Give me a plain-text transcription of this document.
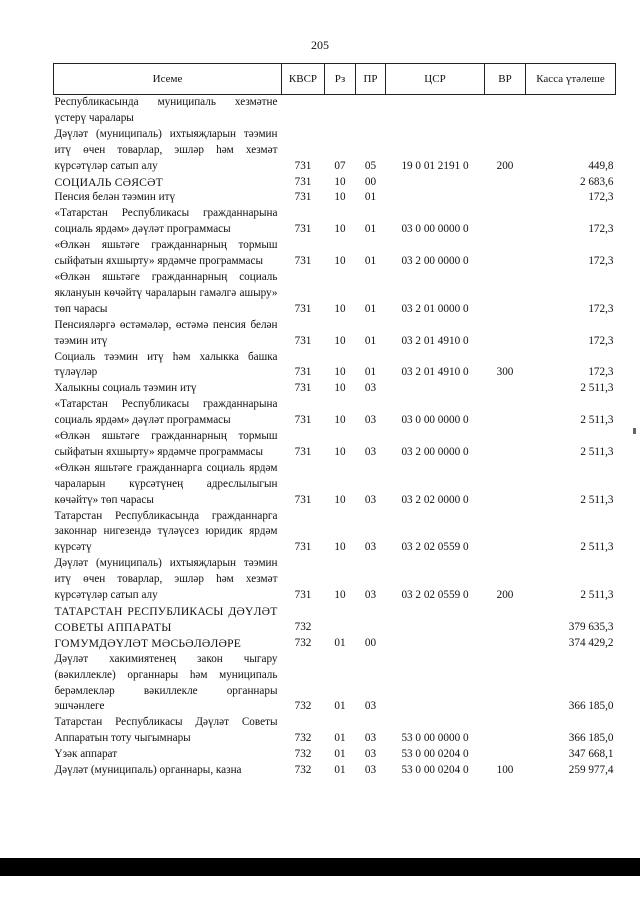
205
Исеме	КВСР	Рз	ПР	ЦСР	ВР	Касса үтәлеше
Республикасында муниципаль хезмәтне үстерү чаралары						
Дәүләт (муниципаль) ихтыяҗларын тәэмин итү өчен товарлар, эшләр һәм хезмәт күрсәтүләр сатып алу	731	07	05	19 0 01 2191 0	200	449,8
СОЦИАЛЬ СӘЯСӘТ	731	10	00			2 683,6
Пенсия белән тәэмин итү	731	10	01			172,3
«Татарстан Республикасы гражданнарына социаль ярдәм» дәүләт программасы	731	10	01	03 0 00 0000 0		172,3
«Өлкән яшьтәге гражданнарның тормыш сыйфатын яхшырту» ярдәмче программасы	731	10	01	03 2 00 0000 0		172,3
«Өлкән яшьтәге гражданнарның социаль яклануын көчәйтү чараларын гамәлгә ашыру» төп чарасы	731	10	01	03 2 01 0000 0		172,3
Пенсияләргә өстәмәләр, өстәмә пенсия белән тәэмин итү	731	10	01	03 2 01 4910 0		172,3
Социаль тәэмин итү һәм халыкка башка түләүләр	731	10	01	03 2 01 4910 0	300	172,3
Халыкны социаль тәэмин итү	731	10	03			2 511,3
«Татарстан Республикасы гражданнарына социаль ярдәм» дәүләт программасы	731	10	03	03 0 00 0000 0		2 511,3
«Өлкән яшьтәге гражданнарның тормыш сыйфатын яхшырту» ярдәмче программасы	731	10	03	03 2 00 0000 0		2 511,3
«Өлкән яшьтәге гражданнарга социаль ярдәм чараларын күрсәтүнең адреслылыгын көчәйтү» төп чарасы	731	10	03	03 2 02 0000 0		2 511,3
Татарстан Республикасында гражданнарга законнар нигезендә түләүсез юридик ярдәм күрсәтү	731	10	03	03 2 02 0559 0		2 511,3
Дәүләт (муниципаль) ихтыяҗларын тәэмин итү өчен товарлар, эшләр һәм хезмәт күрсәтүләр сатып алу	731	10	03	03 2 02 0559 0	200	2 511,3
ТАТАРСТАН РЕСПУБЛИКАСЫ ДӘҮЛӘТ СОВЕТЫ АППАРАТЫ	732					379 635,3
ГОМУМДӘҮЛӘТ МӘСЬӘЛӘЛӘРЕ	732	01	00			374 429,2
Дәүләт хакимиятенең закон чыгару (вәкиллекле) органнары һәм муниципаль берәмлекләр вәкиллекле органнары эшчәнлеге	732	01	03			366 185,0
Татарстан Республикасы Дәүләт Советы Аппаратын тоту чыгымнары	732	01	03	53 0 00 0000 0		366 185,0
Үзәк аппарат	732	01	03	53 0 00 0204 0		347 668,1
Дәүләт (муниципаль) органнары, казна	732	01	03	53 0 00 0204 0	100	259 977,4
